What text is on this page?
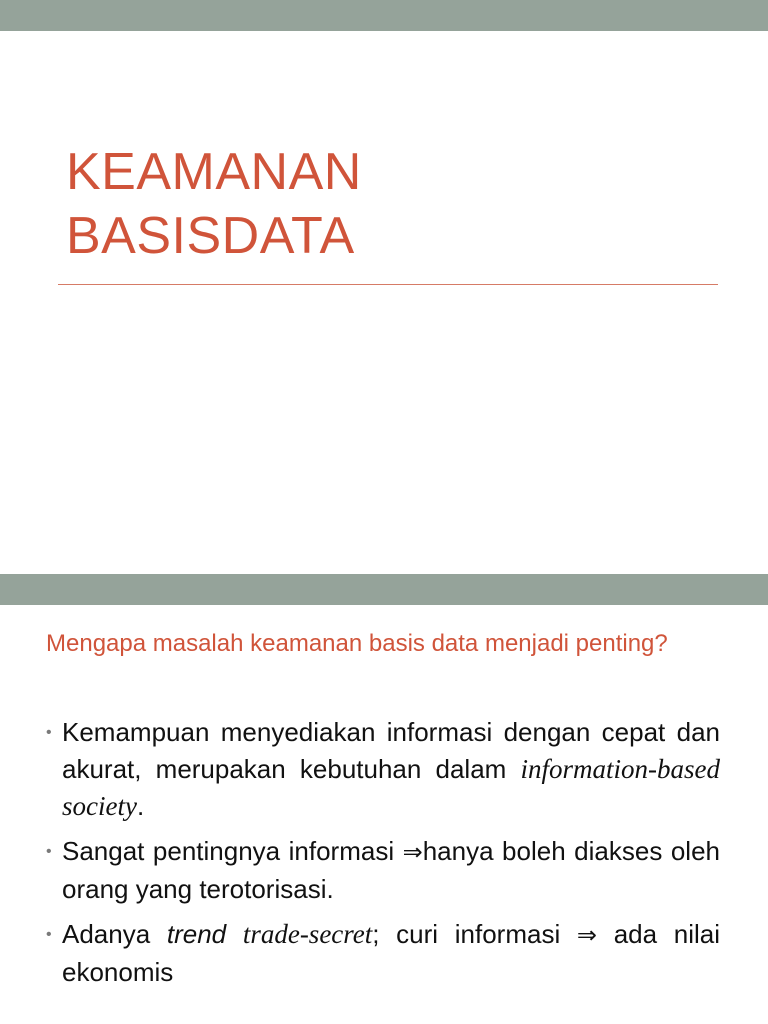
KEAMANAN
BASISDATA
Mengapa masalah keamanan basis data menjadi penting?
• Kemampuan menyediakan informasi dengan cepat dan akurat, merupakan kebutuhan dalam information-based society.
• Sangat pentingnya informasi ⇒hanya boleh diakses oleh orang yang terotorisasi.
• Adanya trend trade-secret; curi informasi ⇒ ada nilai ekonomis
